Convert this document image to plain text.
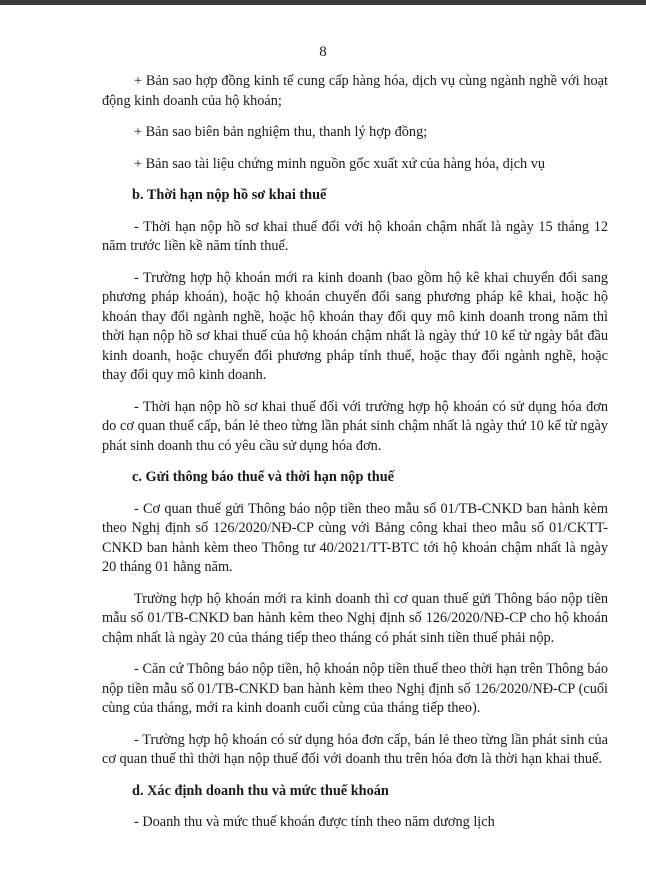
8

+ Bản sao hợp đồng kinh tế cung cấp hàng hóa, dịch vụ cùng ngành nghề với hoạt động kinh doanh của hộ khoán;

+ Bản sao biên bản nghiệm thu, thanh lý hợp đồng;

+ Bản sao tài liệu chứng minh nguồn gốc xuất xứ của hàng hóa, dịch vụ

b. Thời hạn nộp hồ sơ khai thuế

- Thời hạn nộp hồ sơ khai thuế đối với hộ khoán chậm nhất là ngày 15 tháng 12 năm trước liền kề năm tính thuế.

- Trường hợp hộ khoán mới ra kinh doanh (bao gồm hộ kê khai chuyển đổi sang phương pháp khoán), hoặc hộ khoán chuyển đổi sang phương pháp kê khai, hoặc hộ khoán thay đổi ngành nghề, hoặc hộ khoán thay đổi quy mô kinh doanh trong năm thì thời hạn nộp hồ sơ khai thuế của hộ khoán chậm nhất là ngày thứ 10 kể từ ngày bắt đầu kinh doanh, hoặc chuyển đổi phương pháp tính thuế, hoặc thay đổi ngành nghề, hoặc thay đổi quy mô kinh doanh.

- Thời hạn nộp hồ sơ khai thuế đối với trường hợp hộ khoán có sử dụng hóa đơn do cơ quan thuế cấp, bán lẻ theo từng lần phát sinh chậm nhất là ngày thứ 10 kể từ ngày phát sinh doanh thu có yêu cầu sử dụng hóa đơn.

c. Gửi thông báo thuế và thời hạn nộp thuế

- Cơ quan thuế gửi Thông báo nộp tiền theo mẫu số 01/TB-CNKD ban hành kèm theo Nghị định số 126/2020/NĐ-CP cùng với Bảng công khai theo mẫu số 01/CKTT-CNKD ban hành kèm theo Thông tư 40/2021/TT-BTC tới hộ khoán chậm nhất là ngày 20 tháng 01 hằng năm.

Trường hợp hộ khoán mới ra kinh doanh thì cơ quan thuế gửi Thông báo nộp tiền mẫu số 01/TB-CNKD ban hành kèm theo Nghị định số 126/2020/NĐ-CP cho hộ khoán chậm nhất là ngày 20 của tháng tiếp theo tháng có phát sinh tiền thuế phải nộp.

- Căn cứ Thông báo nộp tiền, hộ khoán nộp tiền thuế theo thời hạn trên Thông báo nộp tiền mẫu số 01/TB-CNKD ban hành kèm theo Nghị định số 126/2020/NĐ-CP (cuối cùng của tháng, mới ra kinh doanh cuối cùng của tháng tiếp theo).

- Trường hợp hộ khoán có sử dụng hóa đơn cấp, bán lẻ theo từng lần phát sinh của cơ quan thuế thì thời hạn nộp thuế đối với doanh thu trên hóa đơn là thời hạn khai thuế.

d. Xác định doanh thu và mức thuế khoán

- Doanh thu và mức thuế khoán được tính theo năm dương lịch
